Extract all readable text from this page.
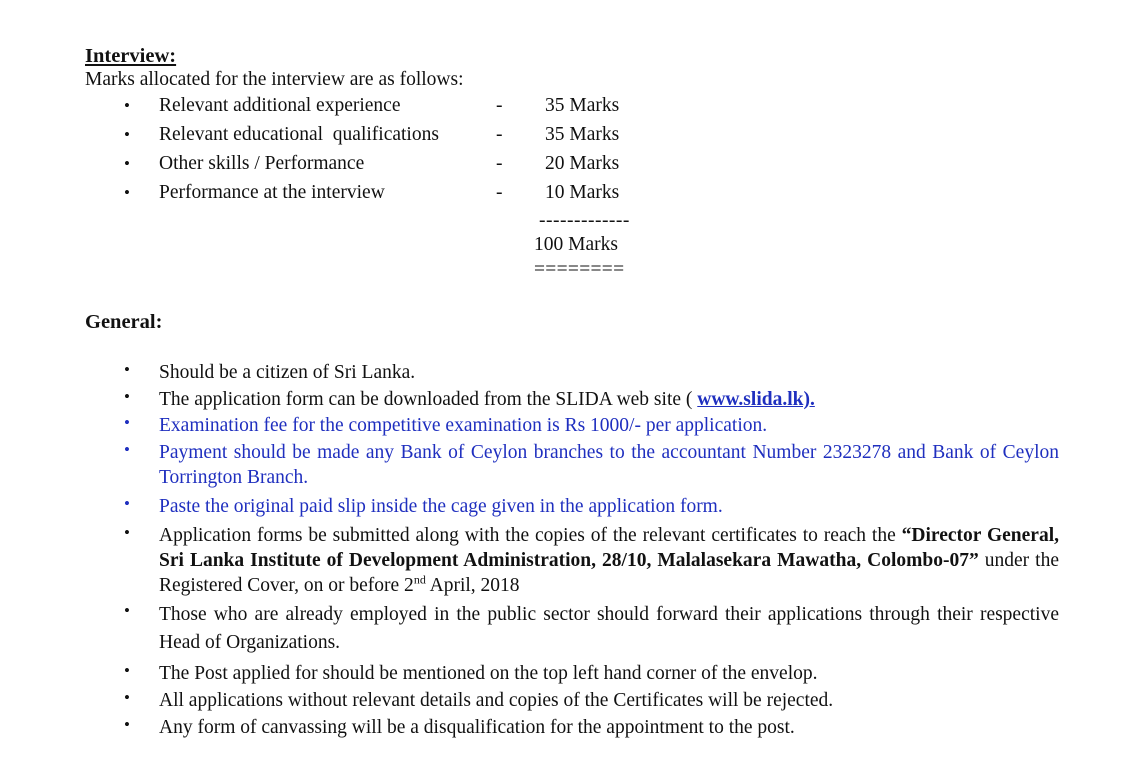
Interview:
Marks allocated for the interview are as follows:
• Relevant additional experience	- 35 Marks
• Relevant educational  qualifications	- 35 Marks
• Other skills / Performance	- 20 Marks
• Performance at the interview	- 10 Marks
-------------
100 Marks
========
General:
• Should be a citizen of Sri Lanka.
• The application form can be downloaded from the SLIDA web site ( www.slida.lk).
• Examination fee for the competitive examination is Rs 1000/- per application.
• Payment should be made any Bank of Ceylon branches to the accountant Number 2323278 and Bank of Ceylon Torrington Branch.
• Paste the original paid slip inside the cage given in the application form.
• Application forms be submitted along with the copies of the relevant certificates to reach the “Director General, Sri Lanka Institute of Development Administration, 28/10, Malalasekara Mawatha, Colombo-07” under the Registered Cover, on or before 2nd April, 2018
• Those who are already employed in the public sector should forward their applications through their respective Head of Organizations.
• The Post applied for should be mentioned on the top left hand corner of the envelop.
• All applications without relevant details and copies of the Certificates will be rejected.
• Any form of canvassing will be a disqualification for the appointment to the post.
